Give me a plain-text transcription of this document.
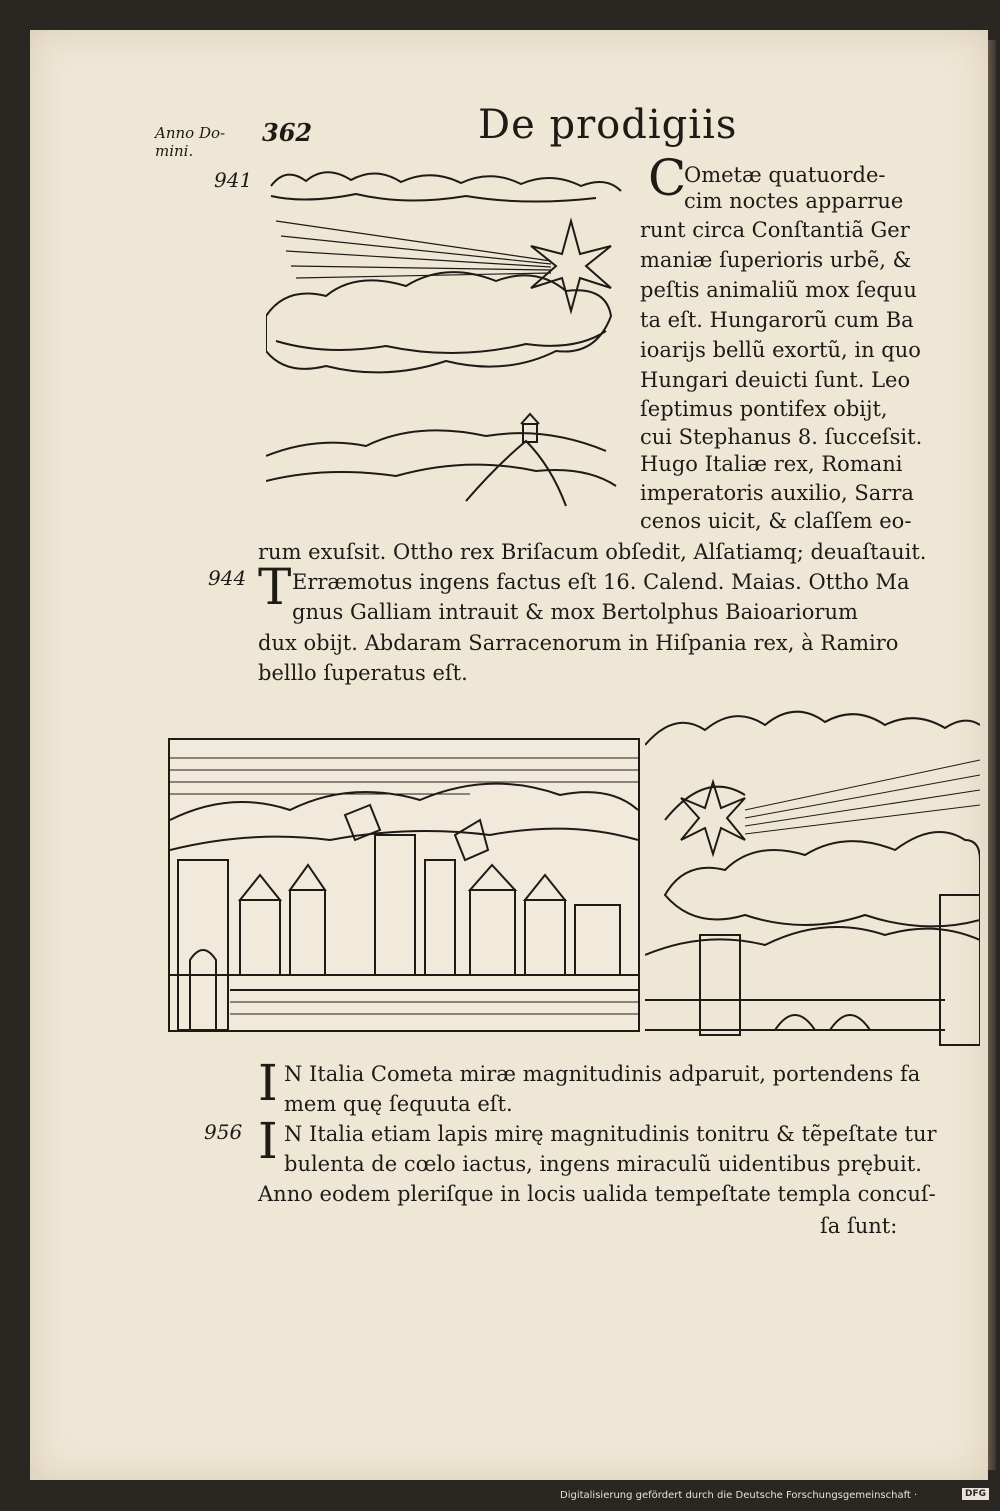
Anno Do-
mini.
362	De prodigiis
941	C
Ometæ quatuorde-
cim noctes apparrue
runt circa Conſtantiã Ger
maniæ ſuperioris urbẽ, &
peſtis animaliũ mox ſequu
ta eſt. Hungarorũ cum Ba
ioarijs bellũ exortũ, in quo
Hungari deuicti ſunt. Leo
ſeptimus pontifex obijt,
cui Stephanus 8. ſucceſsit.
Hugo Italiæ rex, Romani
imperatoris auxilio, Sarra
cenos uicit, & claſſem eo-
rum exuſsit. Ottho rex Briſacum obſedit, Alſatiamq; deuaſtauit.
944 T Erræmotus ingens factus eſt 16. Calend. Maias. Ottho Ma
gnus Galliam intrauit & mox Bertolphus Baioariorum
dux obijt. Abdaram Sarracenorum in Hiſpania rex, à Ramiro
belllo ſuperatus eſt.
I N Italia Cometa miræ magnitudinis adparuit, portendens fa
mem quę ſequuta eſt.
956 I N Italia etiam lapis mirę magnitudinis tonitru & tẽpeſtate tur
bulenta de cœlo iactus, ingens miraculũ uidentibus prębuit.
Anno eodem pleriſque in locis ualida tempeſtate templa concuſ-
ſa ſunt:
Digitalisierung gefördert durch die Deutsche Forschungsgemeinschaft ·	DFG
